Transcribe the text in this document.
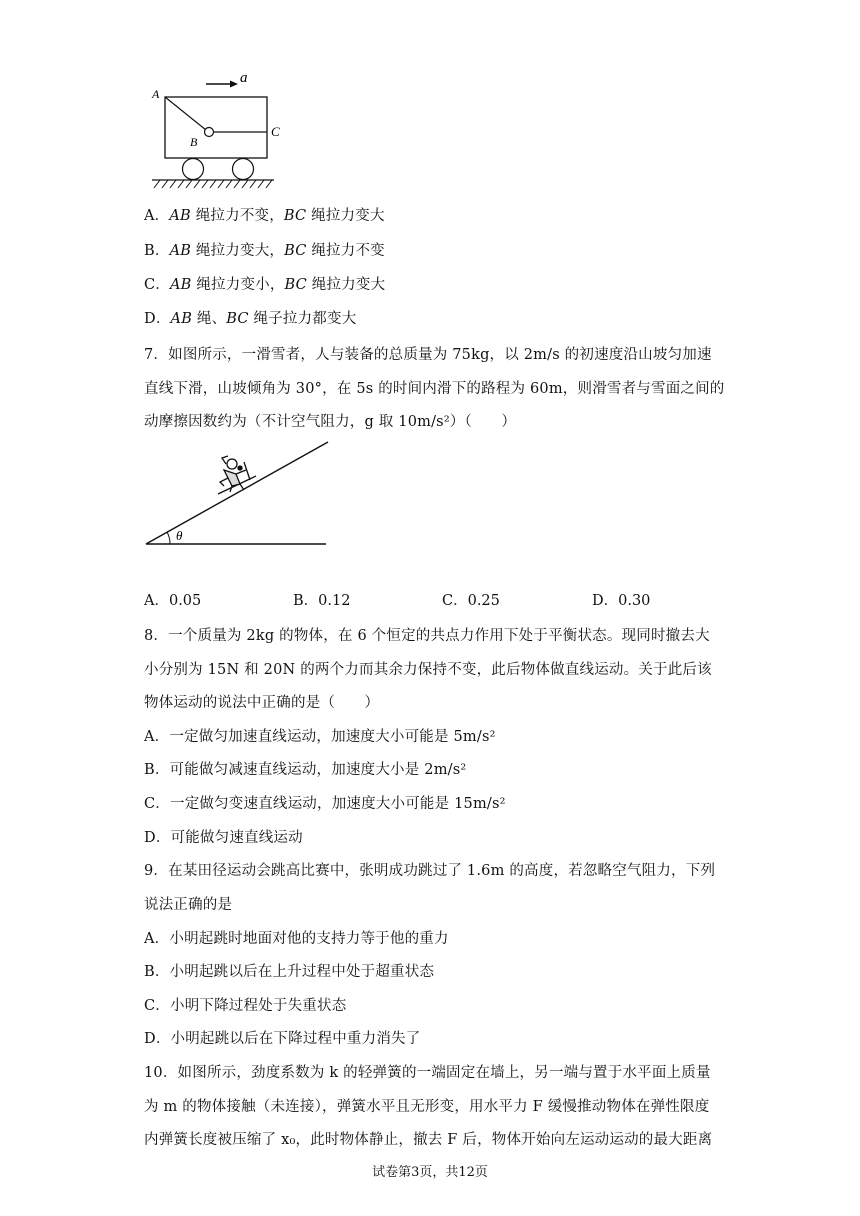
a
A
B
C
A．AB 绳拉力不变，BC 绳拉力变大
B．AB 绳拉力变大，BC 绳拉力不变
C．AB 绳拉力变小，BC 绳拉力变大
D．AB 绳、BC 绳子拉力都变大
7．如图所示，一滑雪者，人与装备的总质量为 75kg，以 2m/s 的初速度沿山坡匀加速
直线下滑，山坡倾角为 30°，在 5s 的时间内滑下的路程为 60m，则滑雪者与雪面之间的
动摩擦因数约为（不计空气阻力，g 取 10m/s²）（　　）
θ
A．0.05	B．0.12	C．0.25	D．0.30
8．一个质量为 2kg 的物体，在 6 个恒定的共点力作用下处于平衡状态。现同时撤去大
小分别为 15N 和 20N 的两个力而其余力保持不变，此后物体做直线运动。关于此后该
物体运动的说法中正确的是（　　）
A．一定做匀加速直线运动，加速度大小可能是 5m/s²
B．可能做匀减速直线运动，加速度大小是 2m/s²
C．一定做匀变速直线运动，加速度大小可能是 15m/s²
D．可能做匀速直线运动
9．在某田径运动会跳高比赛中，张明成功跳过了 1.6m 的高度，若忽略空气阻力，下列
说法正确的是
A．小明起跳时地面对他的支持力等于他的重力
B．小明起跳以后在上升过程中处于超重状态
C．小明下降过程处于失重状态
D．小明起跳以后在下降过程中重力消失了
10．如图所示，劲度系数为 k 的轻弹簧的一端固定在墙上，另一端与置于水平面上质量
为 m 的物体接触（未连接），弹簧水平且无形变，用水平力 F 缓慢推动物体在弹性限度
内弹簧长度被压缩了 x₀，此时物体静止，撤去 F 后，物体开始向左运动运动的最大距离
试卷第3页，共12页
